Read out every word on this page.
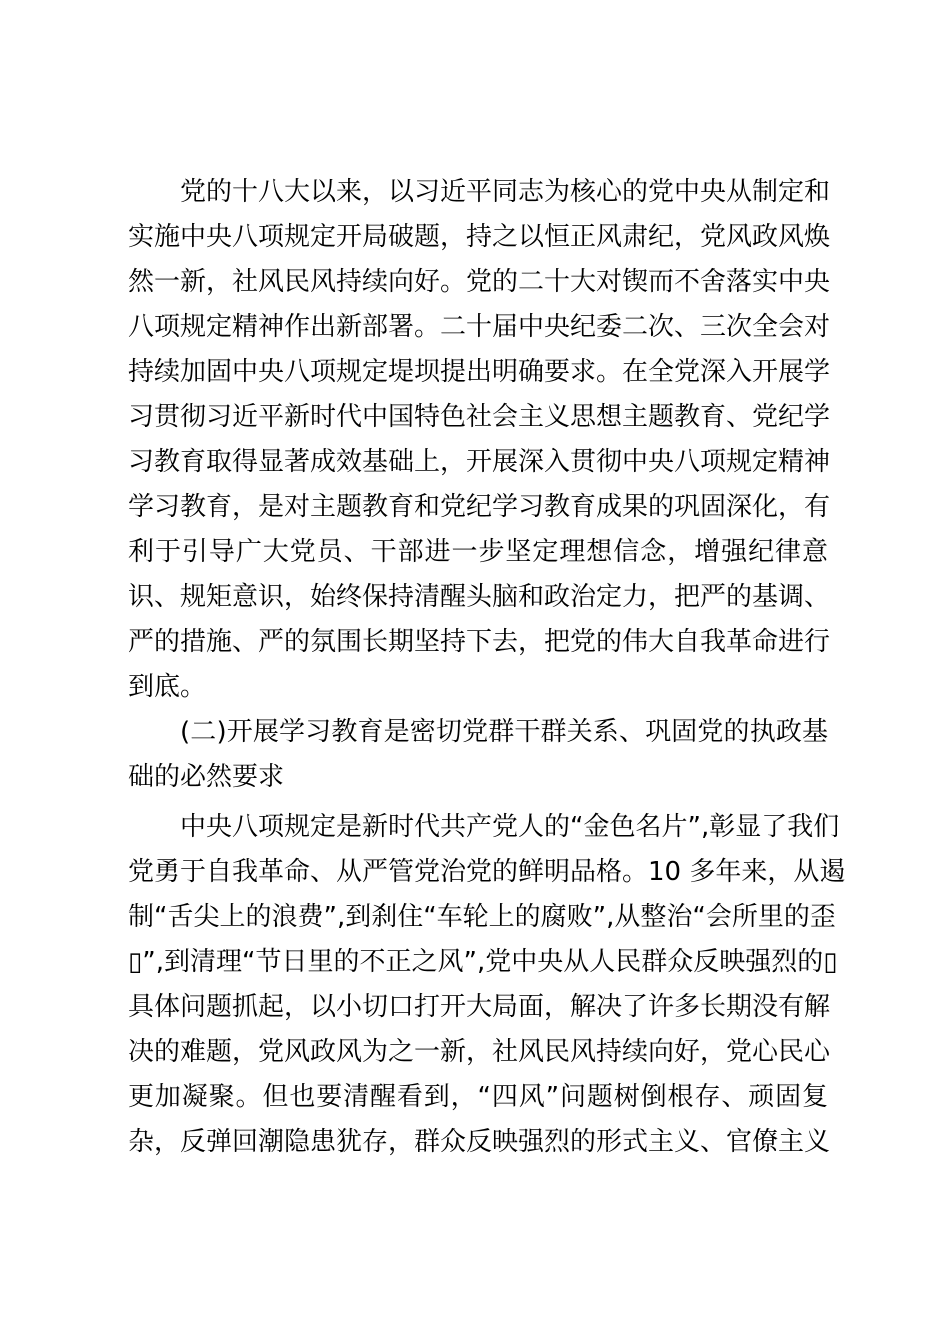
党的十八大以来，以习近平同志为核心的党中央从制定和
实施中央八项规定开局破题，持之以恒正风肃纪，党风政风焕
然一新，社风民风持续向好。党的二十大对锲而不舍落实中央
八项规定精神作出新部署。二十届中央纪委二次、三次全会对
持续加固中央八项规定堤坝提出明确要求。在全党深入开展学
习贯彻习近平新时代中国特色社会主义思想主题教育、党纪学
习教育取得显著成效基础上，开展深入贯彻中央八项规定精神
学习教育，是对主题教育和党纪学习教育成果的巩固深化，有
利于引导广大党员、干部进一步坚定理想信念，增强纪律意
识、规矩意识，始终保持清醒头脑和政治定力，把严的基调、
严的措施、严的氛围长期坚持下去，把党的伟大自我革命进行
到底。
(二)开展学习教育是密切党群干群关系、巩固党的执政基
础的必然要求
中央八项规定是新时代共产党人的“金色名片”,彰显了我们
党勇于自我革命、从严管党治党的鲜明品格。10 多年来，从遏
制“舌尖上的浪费”,到刹住“车轮上的腐败”,从整治“会所里的歪
▯”,到清理“节日里的不正之风”,党中央从人民群众反映强烈的▯
具体问题抓起，以小切口打开大局面，解决了许多长期没有解
决的难题，党风政风为之一新，社风民风持续向好，党心民心
更加凝聚。但也要清醒看到，“四风”问题树倒根存、顽固复
杂，反弹回潮隐患犹存，群众反映强烈的形式主义、官僚主义
